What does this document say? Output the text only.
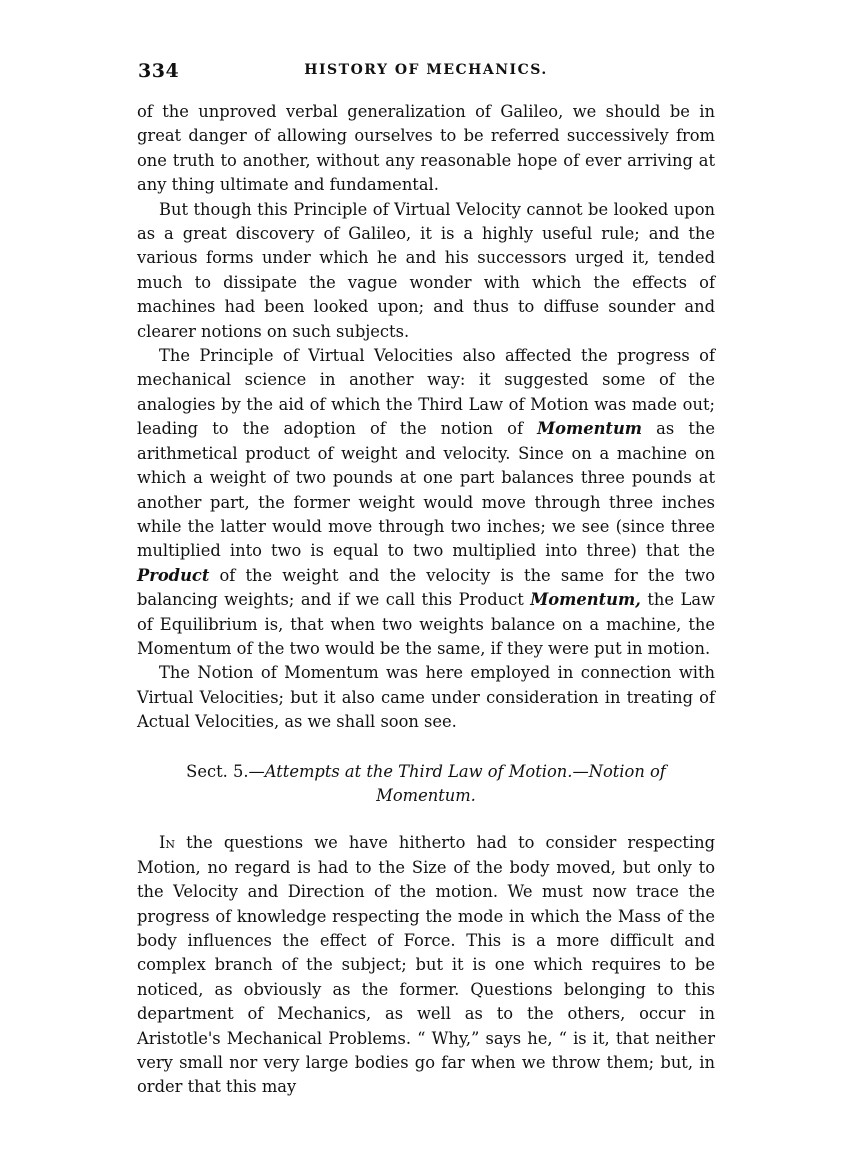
334	HISTORY OF MECHANICS.

of the unproved verbal generalization of Galileo, we should be in great danger of allowing ourselves to be referred successively from one truth to another, without any reasonable hope of ever arriving at any thing ultimate and fundamental.

But though this Principle of Virtual Velocity cannot be looked upon as a great discovery of Galileo, it is a highly useful rule; and the various forms under which he and his successors urged it, tended much to dissipate the vague wonder with which the effects of machines had been looked upon; and thus to diffuse sounder and clearer notions on such subjects.

The Principle of Virtual Velocities also affected the progress of mechanical science in another way: it suggested some of the analogies by the aid of which the Third Law of Motion was made out; leading to the adoption of the notion of Momentum as the arithmetical product of weight and velocity. Since on a machine on which a weight of two pounds at one part balances three pounds at another part, the former weight would move through three inches while the latter would move through two inches; we see (since three multiplied into two is equal to two multiplied into three) that the Product of the weight and the velocity is the same for the two balancing weights; and if we call this Product Momentum, the Law of Equilibrium is, that when two weights balance on a machine, the Momentum of the two would be the same, if they were put in motion.

The Notion of Momentum was here employed in connection with Virtual Velocities; but it also came under consideration in treating of Actual Velocities, as we shall soon see.

Sect. 5.—Attempts at the Third Law of Motion.—Notion of Momentum.

In the questions we have hitherto had to consider respecting Motion, no regard is had to the Size of the body moved, but only to the Velocity and Direction of the motion. We must now trace the progress of knowledge respecting the mode in which the Mass of the body influences the effect of Force. This is a more difficult and complex branch of the subject; but it is one which requires to be noticed, as obviously as the former. Questions belonging to this department of Mechanics, as well as to the others, occur in Aristotle's Mechanical Problems. “ Why,” says he, “ is it, that neither very small nor very large bodies go far when we throw them; but, in order that this may
